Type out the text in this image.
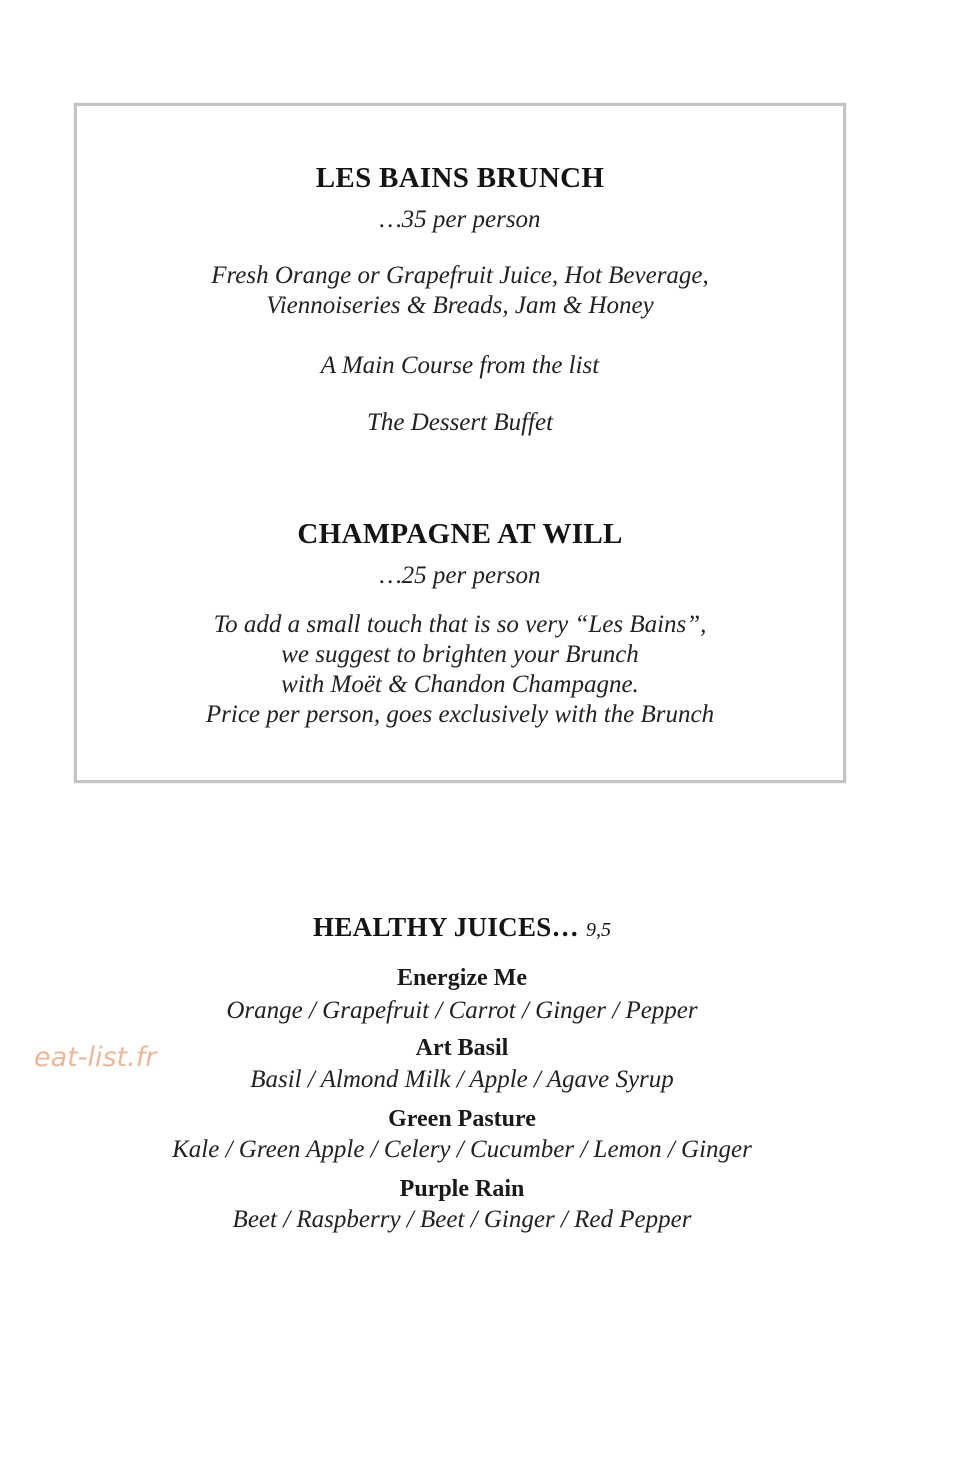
LES BAINS BRUNCH
…35 per person
Fresh Orange or Grapefruit Juice, Hot Beverage,
Viennoiseries & Breads, Jam & Honey
A Main Course from the list
The Dessert Buffet
CHAMPAGNE AT WILL
…25 per person
To add a small touch that is so very “Les Bains”,
we suggest to brighten your Brunch
with Moët & Chandon Champagne.
Price per person, goes exclusively with the Brunch
HEALTHY JUICES… 9,5
Energize Me
Orange / Grapefruit / Carrot / Ginger / Pepper
Art Basil
Basil / Almond Milk / Apple / Agave Syrup
Green Pasture
Kale / Green Apple / Celery / Cucumber / Lemon / Ginger
Purple Rain
Beet / Raspberry / Beet / Ginger / Red Pepper
eat-list.fr
